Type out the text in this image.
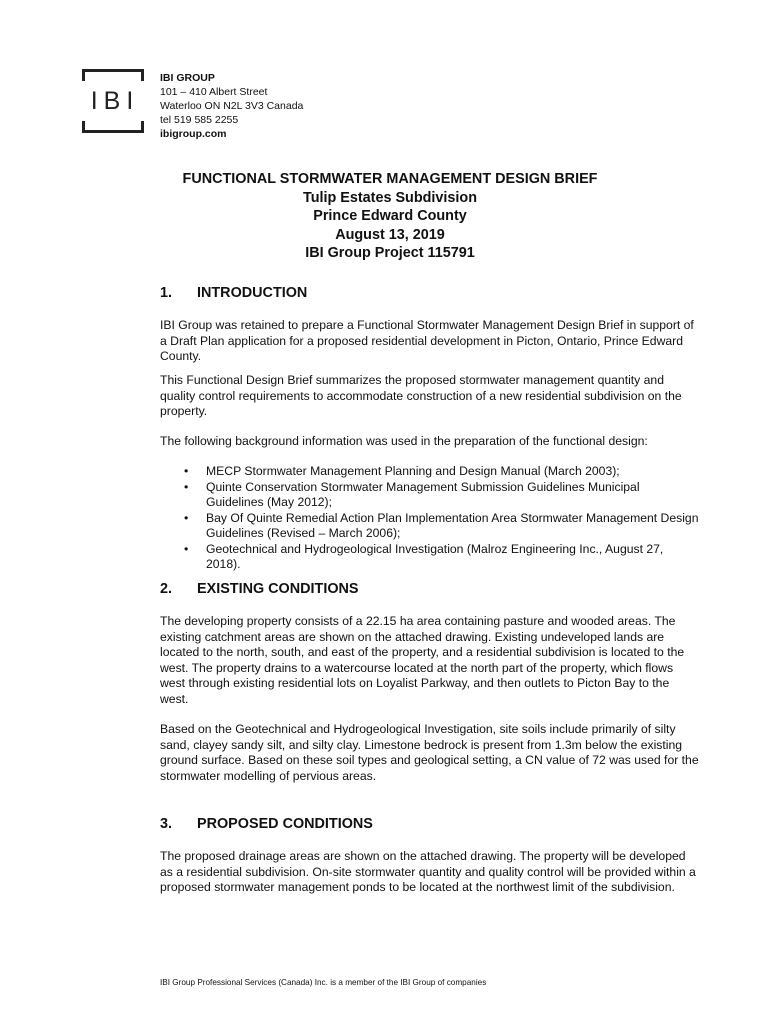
IBI
IBI GROUP
101 – 410 Albert Street
Waterloo ON N2L 3V3 Canada
tel 519 585 2255
ibigroup.com
FUNCTIONAL STORMWATER MANAGEMENT DESIGN BRIEF
Tulip Estates Subdivision
Prince Edward County
August 13, 2019
IBI Group Project 115791
1. INTRODUCTION
IBI Group was retained to prepare a Functional Stormwater Management Design Brief in support of a Draft Plan application for a proposed residential development in Picton, Ontario, Prince Edward County.
This Functional Design Brief summarizes the proposed stormwater management quantity and quality control requirements to accommodate construction of a new residential subdivision on the property.
The following background information was used in the preparation of the functional design:
• MECP Stormwater Management Planning and Design Manual (March 2003);
• Quinte Conservation Stormwater Management Submission Guidelines Municipal Guidelines (May 2012);
• Bay Of Quinte Remedial Action Plan Implementation Area Stormwater Management Design Guidelines (Revised – March 2006);
• Geotechnical and Hydrogeological Investigation (Malroz Engineering Inc., August 27, 2018).
2. EXISTING CONDITIONS
The developing property consists of a 22.15 ha area containing pasture and wooded areas. The existing catchment areas are shown on the attached drawing. Existing undeveloped lands are located to the north, south, and east of the property, and a residential subdivision is located to the west. The property drains to a watercourse located at the north part of the property, which flows west through existing residential lots on Loyalist Parkway, and then outlets to Picton Bay to the west.
Based on the Geotechnical and Hydrogeological Investigation, site soils include primarily of silty sand, clayey sandy silt, and silty clay. Limestone bedrock is present from 1.3m below the existing ground surface. Based on these soil types and geological setting, a CN value of 72 was used for the stormwater modelling of pervious areas.
3. PROPOSED CONDITIONS
The proposed drainage areas are shown on the attached drawing. The property will be developed as a residential subdivision. On-site stormwater quantity and quality control will be provided within a proposed stormwater management ponds to be located at the northwest limit of the subdivision.
IBI Group Professional Services (Canada) Inc. is a member of the IBI Group of companies
